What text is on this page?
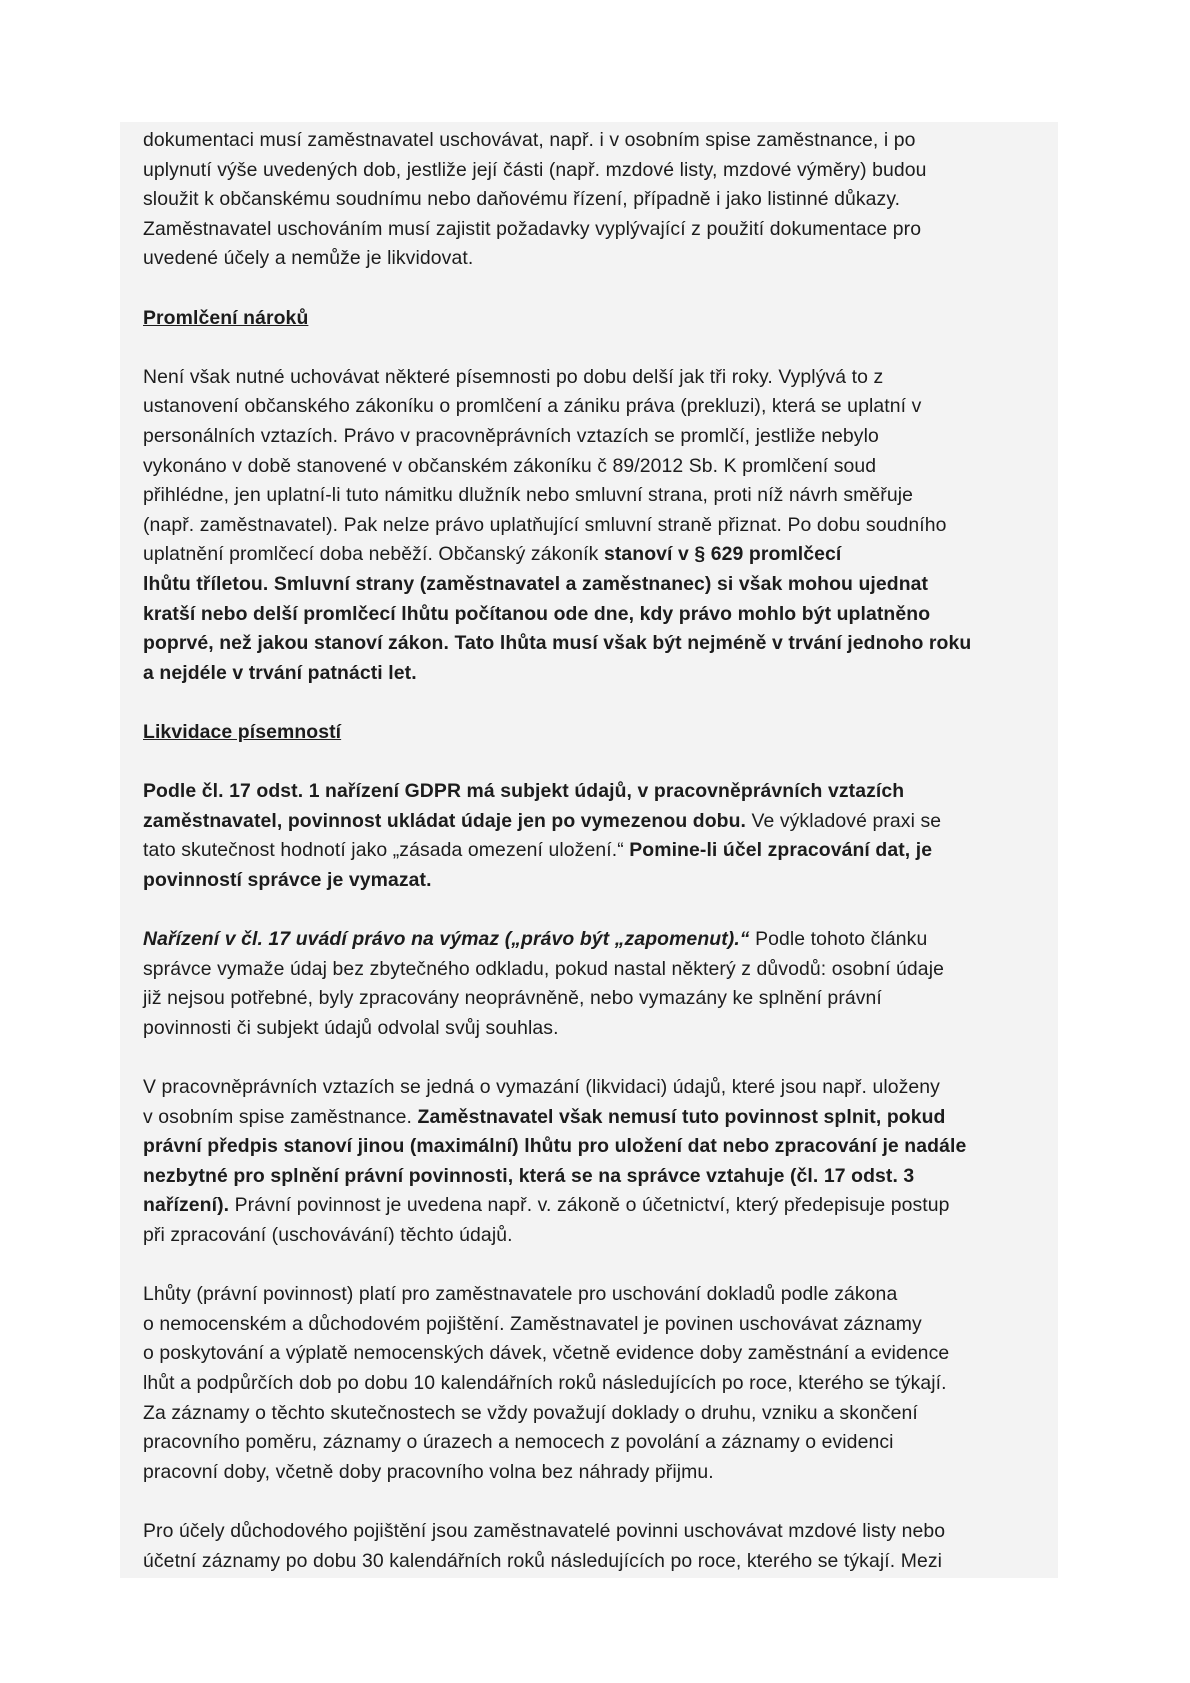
dokumentaci musí zaměstnavatel uschovávat, např. i v osobním spise zaměstnance, i po

uplynutí výše uvedených dob, jestliže její části (např. mzdové listy, mzdové výměry) budou

sloužit k občanskému soudnímu nebo daňovému řízení, případně i jako listinné důkazy.

Zaměstnavatel uschováním musí zajistit požadavky vyplývající z použití dokumentace pro

uvedené účely a nemůže je likvidovat.

Promlčení nároků

Není však nutné uchovávat některé písemnosti po dobu delší jak tři roky. Vyplývá to z

ustanovení občanského zákoníku o promlčení a zániku práva (prekluzi), která se uplatní v

personálních vztazích. Právo v pracovněprávních vztazích se promlčí, jestliže nebylo

vykonáno v době stanovené v občanském zákoníku č 89/2012 Sb. K promlčení soud

přihlédne, jen uplatní-li tuto námitku dlužník nebo smluvní strana, proti níž návrh směřuje

(např. zaměstnavatel). Pak nelze právo uplatňující smluvní straně přiznat. Po dobu soudního

uplatnění promlčecí doba neběží. Občanský zákoník stanoví v § 629 promlčecí

lhůtu tříletou. Smluvní strany (zaměstnavatel a zaměstnanec) si však mohou ujednat

kratší nebo delší promlčecí lhůtu počítanou ode dne, kdy právo mohlo být uplatněno

poprvé, než jakou stanoví zákon. Tato lhůta musí však být nejméně v trvání jednoho roku

a nejdéle v trvání patnácti let.

Likvidace písemností

Podle čl. 17 odst. 1 nařízení GDPR má subjekt údajů, v pracovněprávních vztazích

zaměstnavatel, povinnost ukládat údaje jen po vymezenou dobu. Ve výkladové praxi se

tato skutečnost hodnotí jako „zásada omezení uložení.“ Pomine-li účel zpracování dat, je

povinností správce je vymazat.

Nařízení v čl. 17 uvádí právo na výmaz („právo být „zapomenut).“ Podle tohoto článku

správce vymaže údaj bez zbytečného odkladu, pokud nastal některý z důvodů: osobní údaje

již nejsou potřebné, byly zpracovány neoprávněně, nebo vymazány ke splnění právní

povinnosti či subjekt údajů odvolal svůj souhlas.

V pracovněprávních vztazích se jedná o vymazání (likvidaci) údajů, které jsou např. uloženy

v osobním spise zaměstnance. Zaměstnavatel však nemusí tuto povinnost splnit, pokud

právní předpis stanoví jinou (maximální) lhůtu pro uložení dat nebo zpracování je nadále

nezbytné pro splnění právní povinnosti, která se na správce vztahuje (čl. 17 odst. 3

nařízení). Právní povinnost je uvedena např. v. zákoně o účetnictví, který předepisuje postup

při zpracování (uschovávání) těchto údajů.

Lhůty (právní povinnost) platí pro zaměstnavatele pro uschování dokladů podle zákona

o nemocenském a důchodovém pojištění. Zaměstnavatel je povinen uschovávat záznamy

o poskytování a výplatě nemocenských dávek, včetně evidence doby zaměstnání a evidence

lhůt a podpůrčích dob po dobu 10 kalendářních roků následujících po roce, kterého se týkají.

Za záznamy o těchto skutečnostech se vždy považují doklady o druhu, vzniku a skončení

pracovního poměru, záznamy o úrazech a nemocech z povolání a záznamy o evidenci

pracovní doby, včetně doby pracovního volna bez náhrady přijmu.

Pro účely důchodového pojištění jsou zaměstnavatelé povinni uschovávat mzdové listy nebo

účetní záznamy po dobu 30 kalendářních roků následujících po roce, kterého se týkají. Mezi
